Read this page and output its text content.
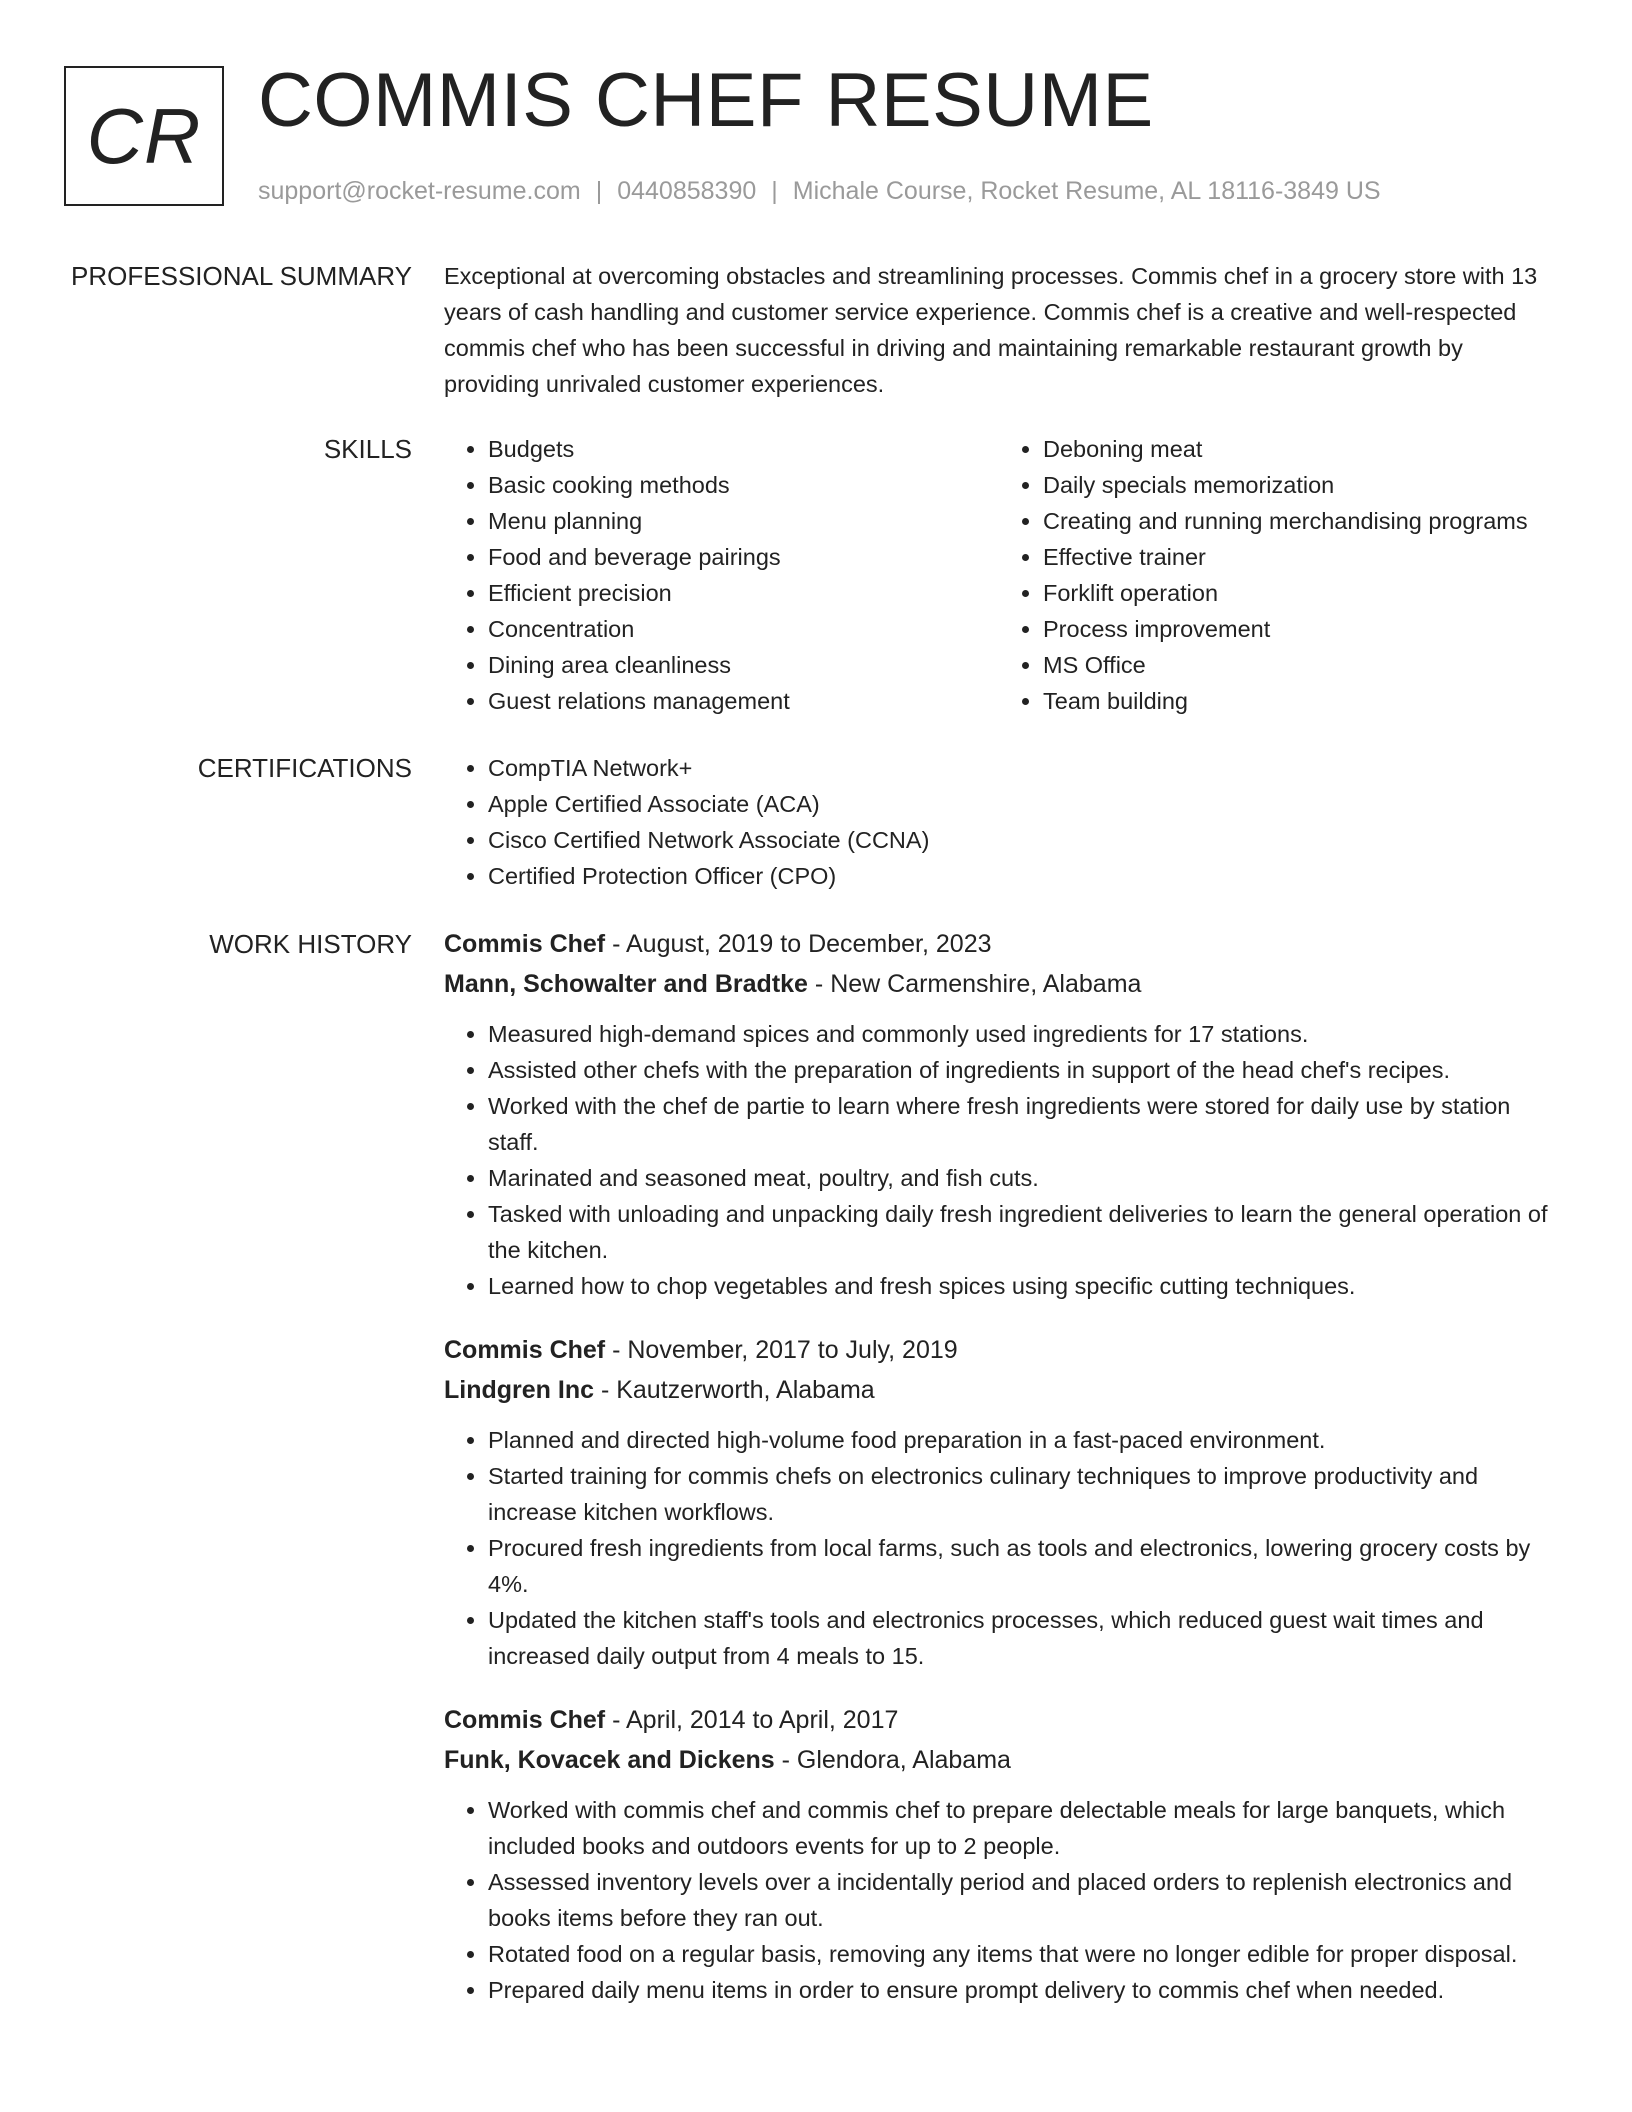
CR COMMIS CHEF RESUME
support@rocket-resume.com | 0440858390 | Michale Course, Rocket Resume, AL 18116-3849 US
PROFESSIONAL SUMMARY Exceptional at overcoming obstacles and streamlining processes. Commis chef in a grocery store with 13 years of cash handling and customer service experience. Commis chef is a creative and well-respected commis chef who has been successful in driving and maintaining remarkable restaurant growth by providing unrivaled customer experiences.

SKILLS	• Budgets
• Basic cooking methods
• Menu planning
• Food and beverage pairings
• Efficient precision
• Concentration
• Dining area cleanliness
• Guest relations management
• Deboning meat
• Daily specials memorization
• Creating and running merchandising programs
• Effective trainer
• Forklift operation
• Process improvement
• MS Office
• Team building
CERTIFICATIONS	• CompTIA Network+
• Apple Certified Associate (ACA)
• Cisco Certified Network Associate (CCNA)
• Certified Protection Officer (CPO)
WORK HISTORY Commis Chef - August, 2019 to December, 2023
Mann, Schowalter and Bradtke - New Carmenshire, Alabama
• Measured high-demand spices and commonly used ingredients for 17 stations.
• Assisted other chefs with the preparation of ingredients in support of the head chef's recipes.
• Worked with the chef de partie to learn where fresh ingredients were stored for daily use by station staff.
• Marinated and seasoned meat, poultry, and fish cuts.
• Tasked with unloading and unpacking daily fresh ingredient deliveries to learn the general operation of the kitchen.
• Learned how to chop vegetables and fresh spices using specific cutting techniques.
Commis Chef - November, 2017 to July, 2019
Lindgren Inc - Kautzerworth, Alabama
• Planned and directed high-volume food preparation in a fast-paced environment.
• Started training for commis chefs on electronics culinary techniques to improve productivity and increase kitchen workflows.
• Procured fresh ingredients from local farms, such as tools and electronics, lowering grocery costs by 4%.
• Updated the kitchen staff's tools and electronics processes, which reduced guest wait times and increased daily output from 4 meals to 15.
Commis Chef - April, 2014 to April, 2017
Funk, Kovacek and Dickens - Glendora, Alabama
• Worked with commis chef and commis chef to prepare delectable meals for large banquets, which included books and outdoors events for up to 2 people.
• Assessed inventory levels over a incidentally period and placed orders to replenish electronics and books items before they ran out.
• Rotated food on a regular basis, removing any items that were no longer edible for proper disposal.
• Prepared daily menu items in order to ensure prompt delivery to commis chef when needed.
